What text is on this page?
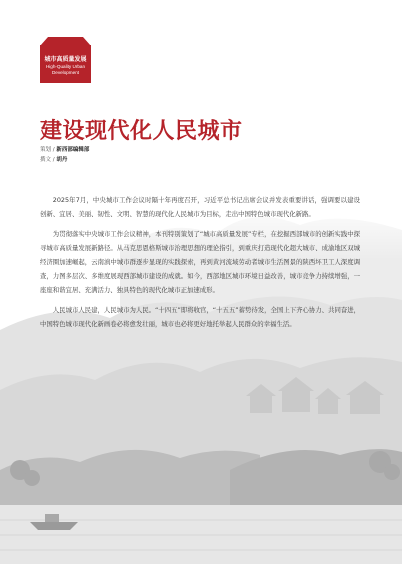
城市高质量发展
High-Quality Urban
Development
建设现代化人民城市
策划 / 新西部编辑部
撰文 / 胡丹

2025年7月，中央城市工作会议时隔十年再度召开，习近平总书记出席会议并发表重要讲话，强调要以建设创新、宜居、美丽、韧性、文明、智慧的现代化人民城市为目标，走出中国特色城市现代化新路。

为贯彻落实中央城市工作会议精神，本刊特别策划了“城市高质量发展”专栏，在挖掘西部城市的创新实践中探寻城市高质量发展新路径。从马克思恩格斯城市治理思想的理论指引，到重庆打造现代化超大城市、成渝地区双城经济圈加速崛起，云南滇中城市群逐步显现的实践探索，再到黄河流域劳动者城市生活图景的陕西坏卫工人深度调查，力图多层次、多维度展现西部城市建设的成就。如今，西部地区城市环境日益改善，城市竞争力持续增强，一座座和谐宜居、充满活力、独具特色的现代化城市正加速成形。

人民城市人民建，人民城市为人民。“十四五”即将收官，“十五五”蓄势待发，全国上下齐心协力、共同奋进，中国特色城市现代化新画卷必将愈发壮丽，城市也必将更好地托举起人民群众的幸福生活。
